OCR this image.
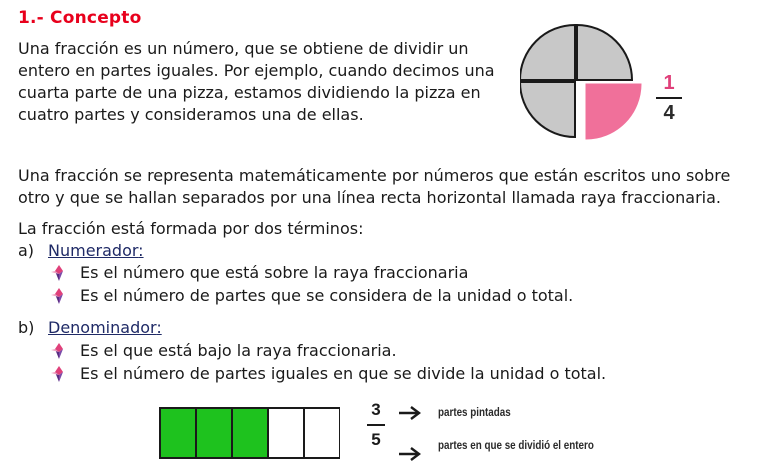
1.- Concepto
Una fracción es un número, que se obtiene de dividir un entero en partes iguales. Por ejemplo, cuando decimos una cuarta parte de una pizza, estamos dividiendo la pizza en cuatro partes y consideramos una de ellas.
1
4
Una fracción se representa matemáticamente por números que están escritos uno sobre otro y que se hallan separados por una línea recta horizontal llamada raya fraccionaria.
La fracción está formada por dos términos:
a) Numerador:
Es el número que está sobre la raya fraccionaria
Es el número de partes que se considera de la unidad o total.
b) Denominador:
Es el que está bajo la raya fraccionaria.
Es el número de partes iguales en que se divide la unidad o total.
3
5
partes pintadas
partes en que se dividió el entero
